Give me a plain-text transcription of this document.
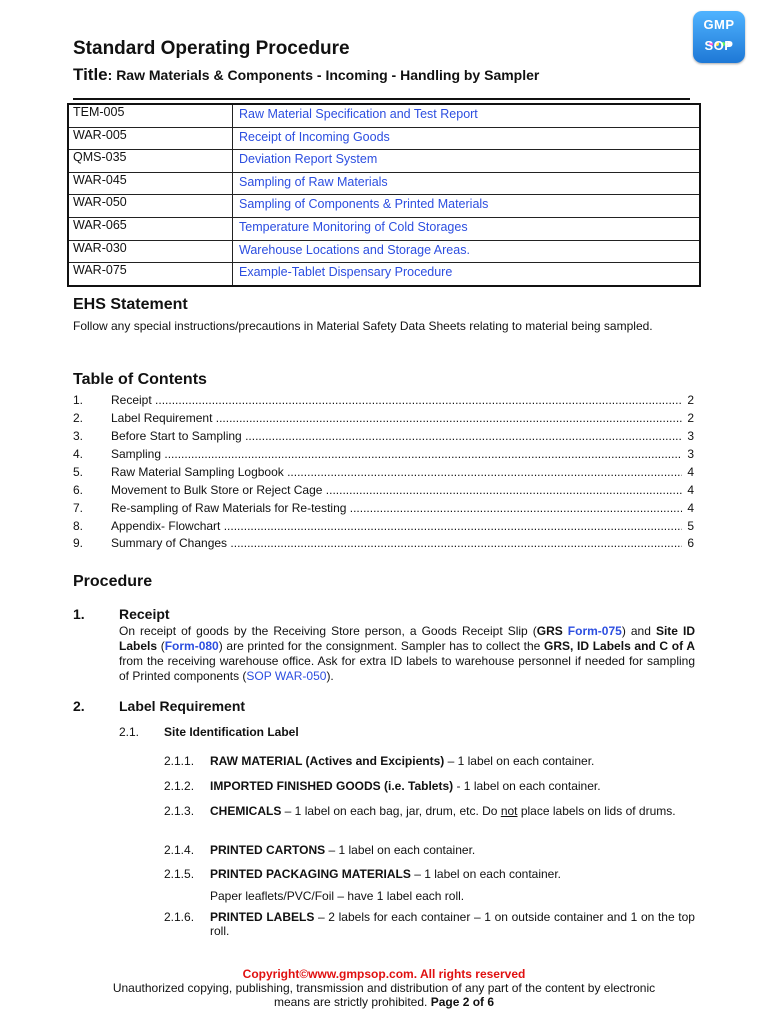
GMP
SOP
Standard Operating Procedure
Title: Raw Materials & Components - Incoming - Handling by Sampler
TEM-005	Raw Material Specification and Test Report
WAR-005	Receipt of Incoming Goods
QMS-035	Deviation Report System
WAR-045	Sampling of Raw Materials
WAR-050	Sampling of Components & Printed Materials
WAR-065	Temperature Monitoring of Cold Storages
WAR-030	Warehouse Locations and Storage Areas.
WAR-075	Example-Tablet Dispensary Procedure
EHS Statement
Follow any special instructions/precautions in Material Safety Data Sheets relating to material being sampled.
Table of Contents
1. Receipt .....	2
2. Label Requirement .....	2
3. Before Start to Sampling .....	3
4. Sampling .....	3
5. Raw Material Sampling Logbook .....	4
6. Movement to Bulk Store or Reject Cage .....	4
7. Re-sampling of Raw Materials for Re-testing .....	4
8. Appendix- Flowchart .....	5
9. Summary of Changes .....	6
Procedure
1. Receipt
On receipt of goods by the Receiving Store person, a Goods Receipt Slip (GRS Form-075) and Site ID Labels (Form-080) are printed for the consignment. Sampler has to collect the GRS, ID Labels and C of A from the receiving warehouse office. Ask for extra ID labels to warehouse personnel if needed for sampling of Printed components (SOP WAR-050).
2. Label Requirement
2.1. Site Identification Label
2.1.1. RAW MATERIAL (Actives and Excipients) – 1 label on each container.
2.1.2. IMPORTED FINISHED GOODS (i.e. Tablets) - 1 label on each container.
2.1.3. CHEMICALS – 1 label on each bag, jar, drum, etc. Do not place labels on lids of drums.
2.1.4. PRINTED CARTONS – 1 label on each container.
2.1.5. PRINTED PACKAGING MATERIALS – 1 label on each container.
Paper leaflets/PVC/Foil – have 1 label each roll.
2.1.6. PRINTED LABELS – 2 labels for each container – 1 on outside container and 1 on the top roll.
Copyright©www.gmpsop.com. All rights reserved
Unauthorized copying, publishing, transmission and distribution of any part of the content by electronic
means are strictly prohibited. Page 2 of 6
